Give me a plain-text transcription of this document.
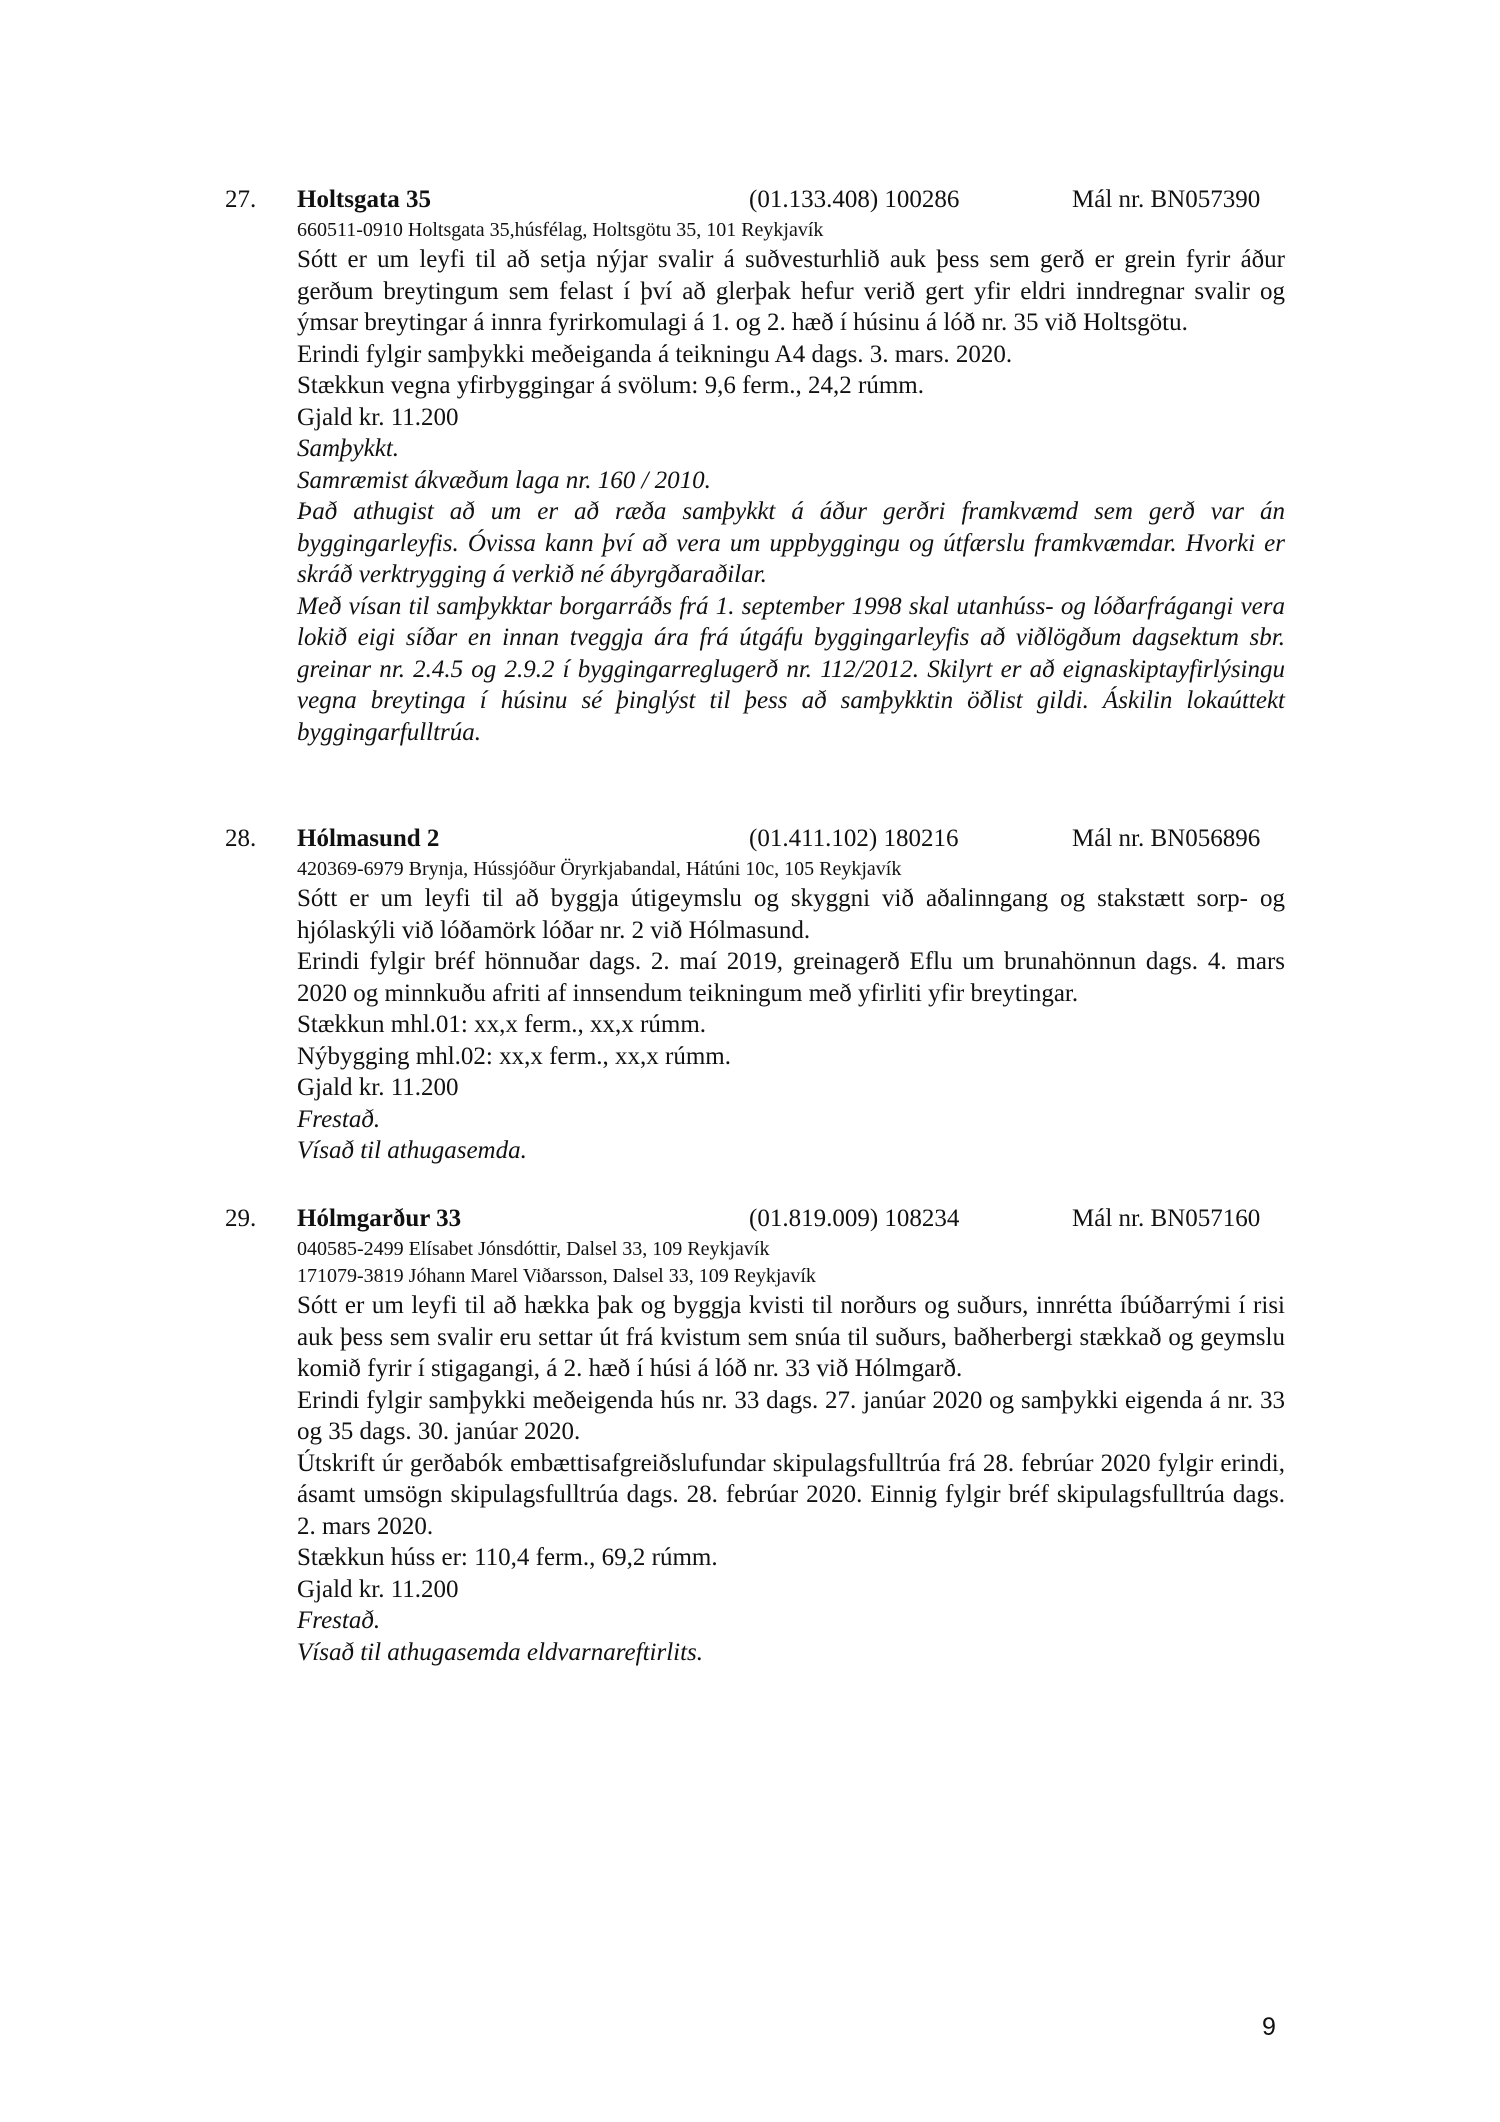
27. Holtsgata 35	(01.133.408) 100286	Mál nr. BN057390
660511-0910 Holtsgata 35,húsfélag, Holtsgötu 35, 101 Reykjavík
Sótt er um leyfi til að setja nýjar svalir á suðvesturhlið auk þess sem gerð er grein fyrir áður gerðum breytingum sem felast í því að glerþak hefur verið gert yfir eldri inndregnar svalir og ýmsar breytingar á innra fyrirkomulagi á 1. og 2. hæð í húsinu á lóð nr. 35 við Holtsgötu.
Erindi fylgir samþykki meðeiganda á teikningu A4 dags. 3. mars. 2020.
Stækkun vegna yfirbyggingar á svölum: 9,6 ferm., 24,2 rúmm.
Gjald kr. 11.200
Samþykkt.
Samræmist ákvæðum laga nr. 160 / 2010.
Það athugist að um er að ræða samþykkt á áður gerðri framkvæmd sem gerð var án byggingarleyfis. Óvissa kann því að vera um uppbyggingu og útfærslu framkvæmdar. Hvorki er skráð verktrygging á verkið né ábyrgðaraðilar.
Með vísan til samþykktar borgarráðs frá 1. september 1998 skal utanhúss- og lóðarfrágangi vera lokið eigi síðar en innan tveggja ára frá útgáfu byggingarleyfis að viðlögðum dagsektum sbr. greinar nr. 2.4.5 og 2.9.2 í byggingarreglugerð nr. 112/2012. Skilyrt er að eignaskiptayfirlýsingu vegna breytinga í húsinu sé þinglýst til þess að samþykktin öðlist gildi. Áskilin lokaúttekt byggingarfulltrúa.
28. Hólmasund 2	(01.411.102) 180216	Mál nr. BN056896
420369-6979 Brynja, Hússjóður Öryrkjabandal, Hátúni 10c, 105 Reykjavík
Sótt er um leyfi til að byggja útigeymslu og skyggni við aðalinngang og stakstætt sorp- og hjólaskýli við lóðamörk lóðar nr. 2 við Hólmasund.
Erindi fylgir bréf hönnuðar dags. 2. maí 2019, greinagerð Eflu um brunahönnun dags. 4. mars 2020 og minnkuðu afriti af innsendum teikningum með yfirliti yfir breytingar.
Stækkun mhl.01: xx,x ferm., xx,x rúmm.
Nýbygging mhl.02: xx,x ferm., xx,x rúmm.
Gjald kr. 11.200
Frestað.
Vísað til athugasemda.
29. Hólmgarður 33	(01.819.009) 108234	Mál nr. BN057160
040585-2499 Elísabet Jónsdóttir, Dalsel 33, 109 Reykjavík
171079-3819 Jóhann Marel Viðarsson, Dalsel 33, 109 Reykjavík
Sótt er um leyfi til að hækka þak og byggja kvisti til norðurs og suðurs, innrétta íbúðarrými í risi auk þess sem svalir eru settar út frá kvistum sem snúa til suðurs, baðherbergi stækkað og geymslu komið fyrir í stigagangi, á 2. hæð í húsi á lóð nr. 33 við Hólmgarð.
Erindi fylgir samþykki meðeigenda hús nr. 33 dags. 27. janúar 2020 og samþykki eigenda á nr. 33 og 35 dags. 30. janúar 2020.
Útskrift úr gerðabók embættisafgreiðslufundar skipulagsfulltrúa frá 28. febrúar 2020 fylgir erindi, ásamt umsögn skipulagsfulltrúa dags. 28. febrúar 2020. Einnig fylgir bréf skipulagsfulltrúa dags. 2. mars 2020.
Stækkun húss er: 110,4 ferm., 69,2 rúmm.
Gjald kr. 11.200
Frestað.
Vísað til athugasemda eldvarnareftirlits.
9
